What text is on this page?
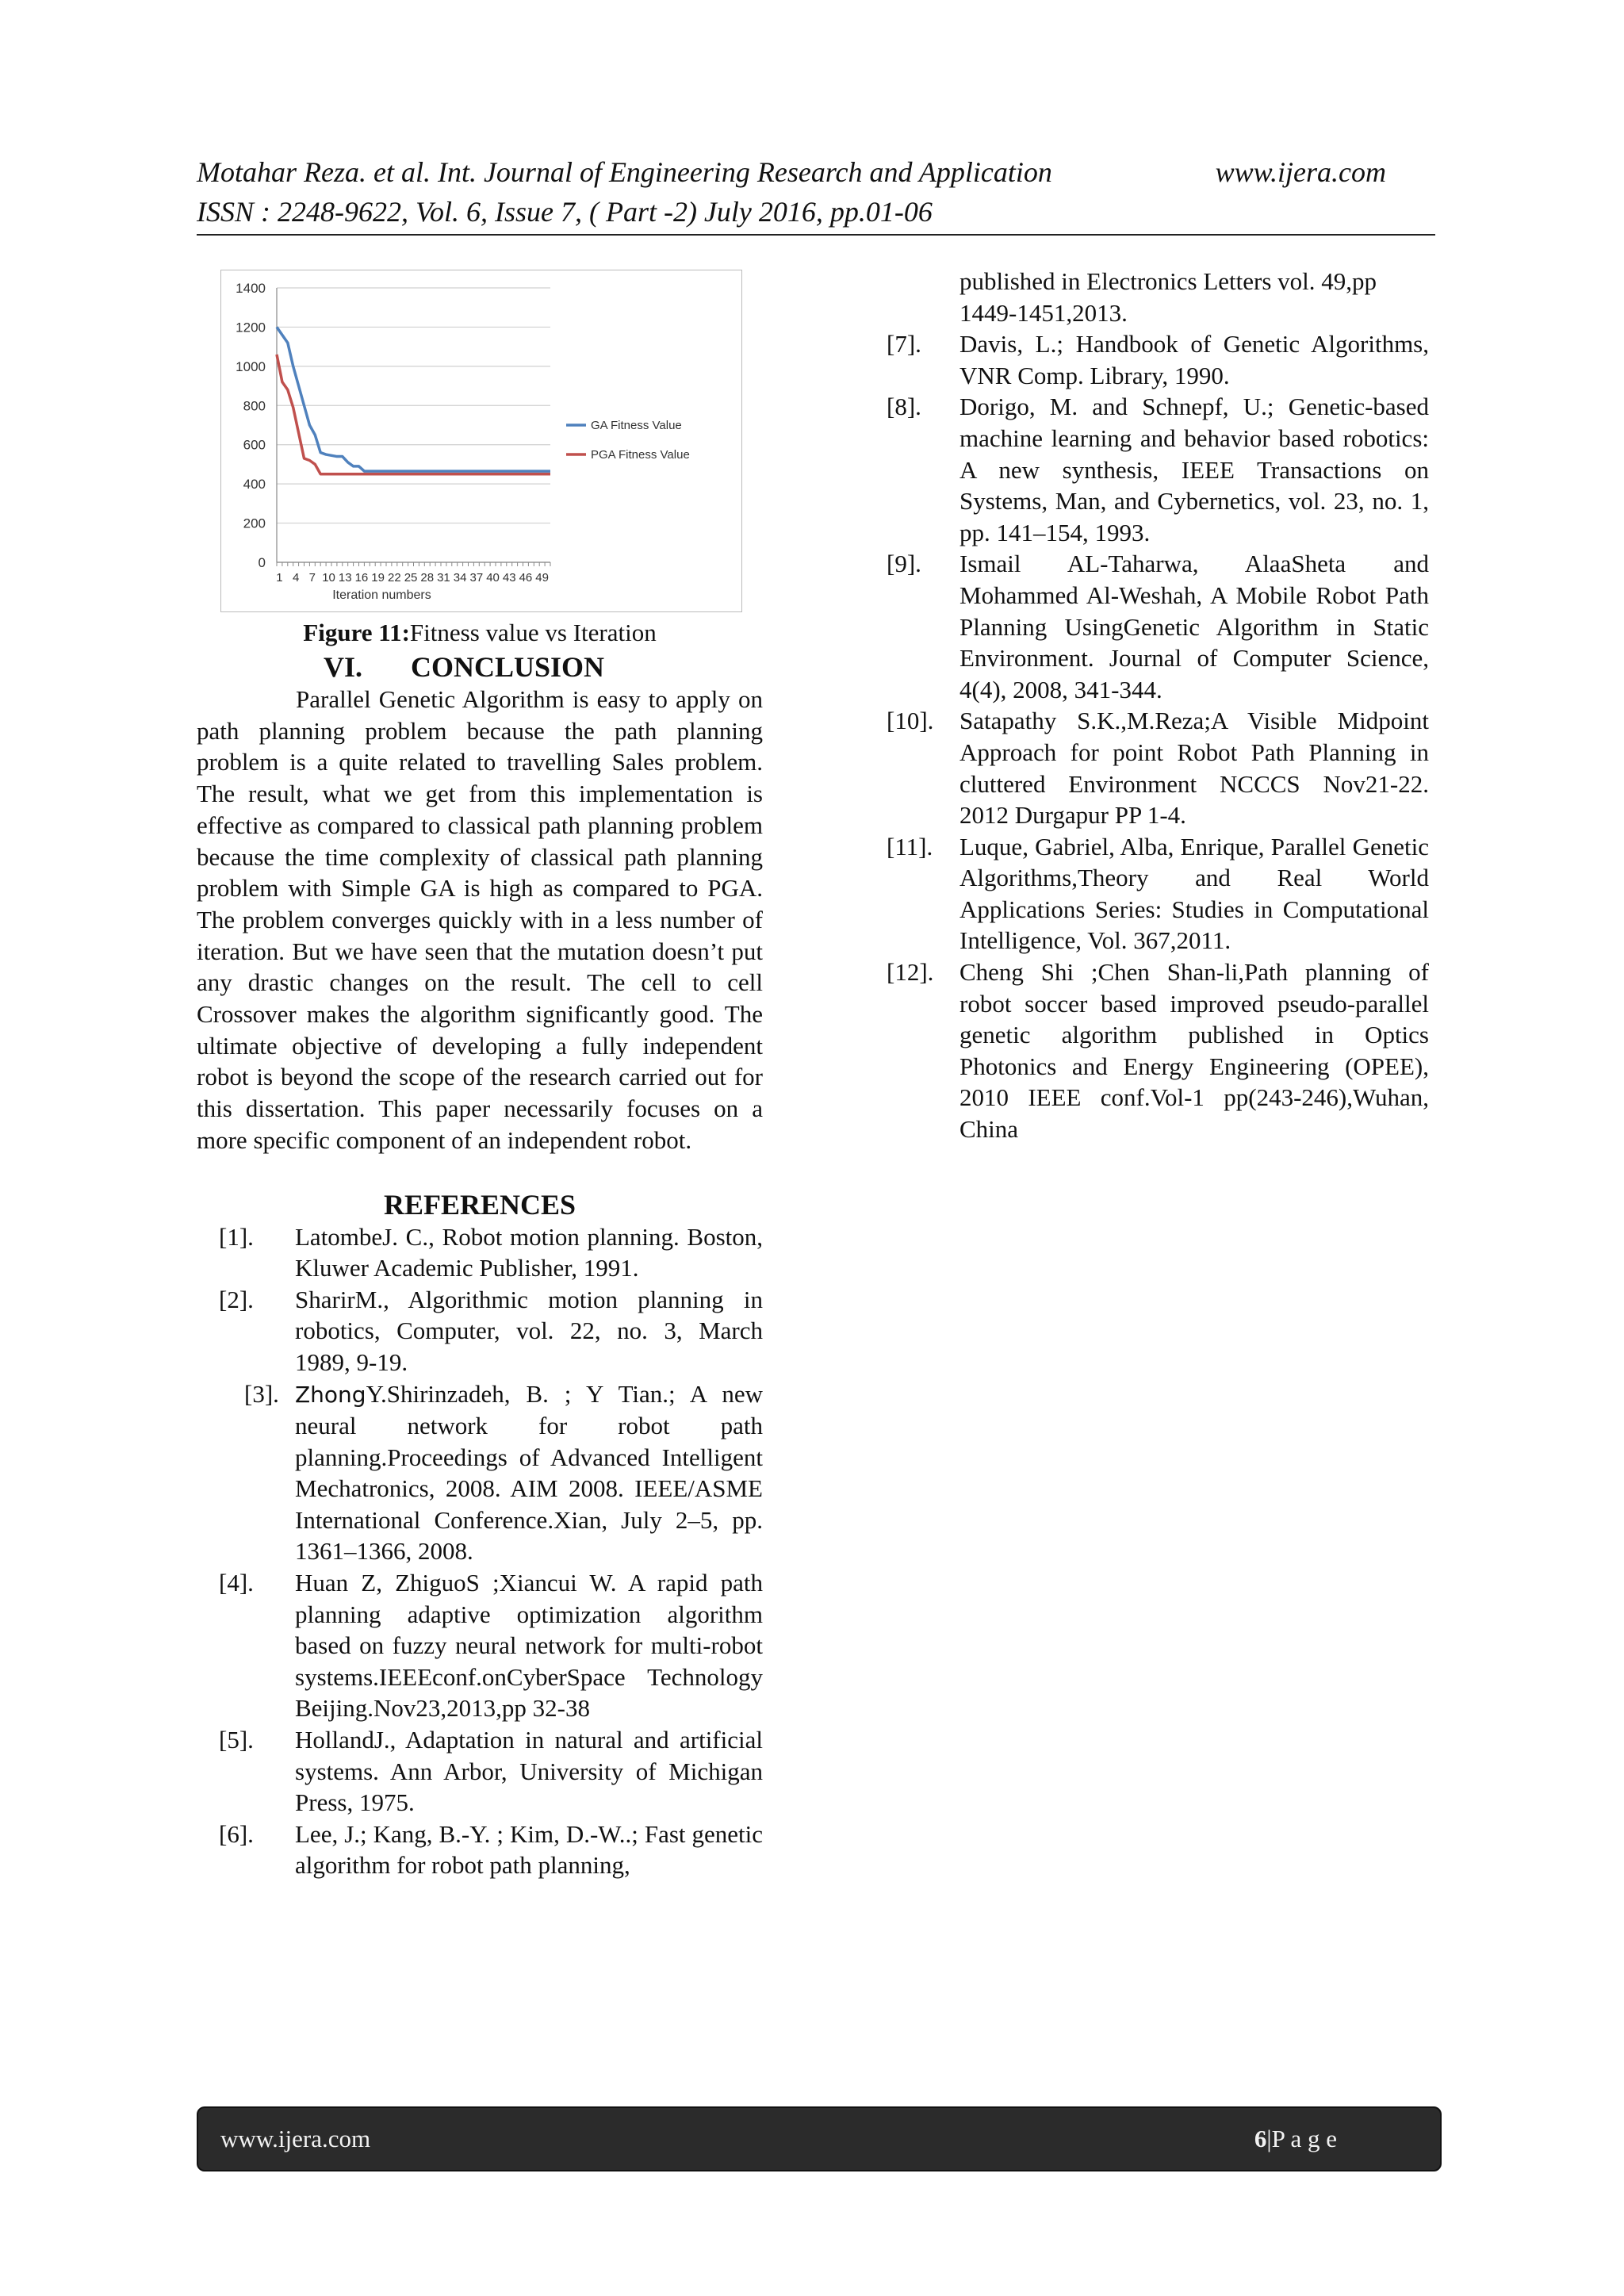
Motahar Reza. et al. Int. Journal of Engineering Research and Application	www.ijera.com
ISSN : 2248-9622, Vol. 6, Issue 7, ( Part -2) July 2016, pp.01-06
0
200
400
600
800
1000
1200
1400
1 4 7 10 13 16 19 22 25 28 31 34 37 40 43 46 49
Iteration numbers
GA Fitness Value
PGA Fitness Value
Figure 11:Fitness value vs Iteration
VI. CONCLUSION

Parallel Genetic Algorithm is easy to apply on path planning problem because the path planning problem is a quite related to travelling Sales problem. The result, what we get from this implementation is effective as compared to classical path planning problem because the time complexity of classical path planning problem with Simple GA is high as compared to PGA. The problem converges quickly with in a less number of iteration. But we have seen that the mutation doesn’t put any drastic changes on the result. The cell to cell Crossover makes the algorithm significantly good. The ultimate objective of developing a fully independent robot is beyond the scope of the research carried out for this dissertation. This paper necessarily focuses on a more specific component of an independent robot.

REFERENCES
[1].	LatombeJ. C., Robot motion planning. Boston, Kluwer Academic Publisher, 1991.
[2].	SharirM., Algorithmic motion planning in robotics, Computer, vol. 22, no. 3, March 1989, 9-19.
[3]. ZhongY.Shirinzadeh, B. ; Y Tian.; A new neural network for robot path planning.Proceedings of Advanced Intelligent Mechatronics, 2008. AIM 2008. IEEE/ASME International Conference.Xian, July 2–5, pp. 1361–1366, 2008.
[4].	Huan Z, ZhiguoS ;Xiancui W. A rapid path planning adaptive optimization algorithm based on fuzzy neural network for multi-robot systems.IEEEconf.onCyberSpace Technology Beijing.Nov23,2013,pp 32-38
[5].	HollandJ., Adaptation in natural and artificial systems. Ann Arbor, University of Michigan Press, 1975.
[6].	Lee, J.; Kang, B.-Y. ; Kim, D.-W..; Fast genetic algorithm for robot path planning,
published in Electronics Letters vol. 49,pp 1449-1451,2013.
[7].	Davis, L.; Handbook of Genetic Algorithms, VNR Comp. Library, 1990.
[8].	Dorigo, M. and Schnepf, U.; Genetic-based machine learning and behavior based robotics: A new synthesis, IEEE Transactions on Systems, Man, and Cybernetics, vol. 23, no. 1, pp. 141–154, 1993.
[9].	Ismail AL-Taharwa, AlaaSheta and Mohammed Al-Weshah, A Mobile Robot Path Planning UsingGenetic Algorithm in Static Environment. Journal of Computer Science, 4(4), 2008, 341-344.
[10].	Satapathy S.K.,M.Reza;A Visible Midpoint Approach for point Robot Path Planning in cluttered Environment NCCCS Nov21-22. 2012 Durgapur PP 1-4.
[11].	Luque, Gabriel, Alba, Enrique, Parallel Genetic Algorithms,Theory and Real World Applications Series: Studies in Computational Intelligence, Vol. 367,2011.
[12].	Cheng Shi ;Chen Shan-li,Path planning of robot soccer based improved pseudo-parallel genetic algorithm published in Optics Photonics and Energy Engineering (OPEE), 2010 IEEE conf.Vol-1 pp(243-246),Wuhan, China
www.ijera.com	6|P a g e
